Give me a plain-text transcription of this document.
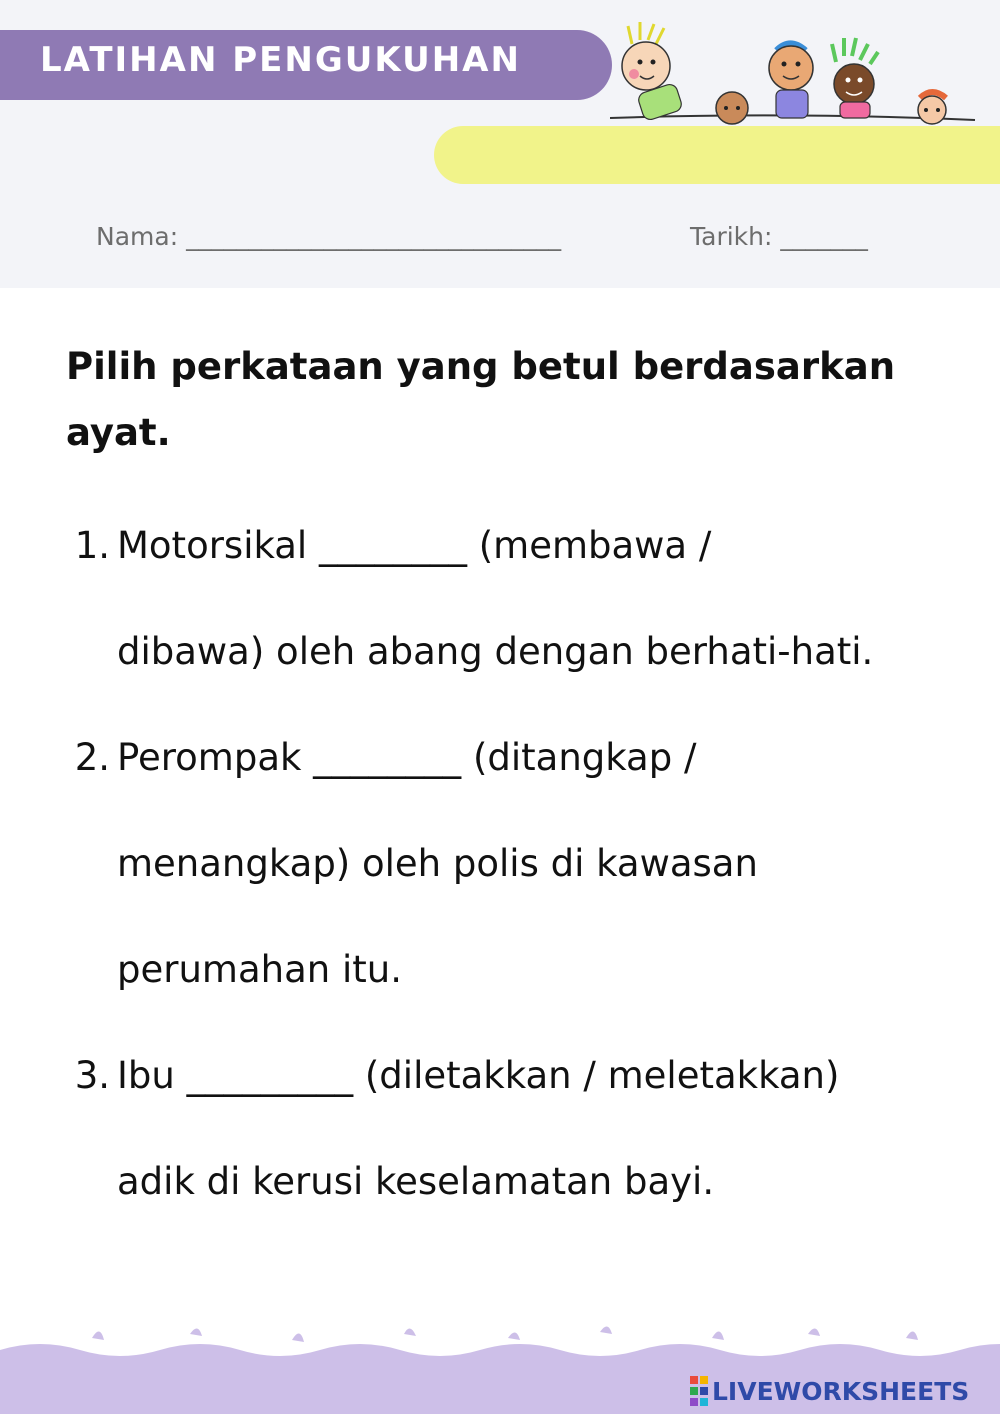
LATIHAN PENGUKUHAN
Nama: ______________________________	Tarikh: _______
Pilih perkataan yang betul berdasarkan
ayat.
1. Motorsikal ________ (membawa /
dibawa) oleh abang dengan berhati-hati.
2. Perompak ________ (ditangkap /
menangkap) oleh polis di kawasan
perumahan itu.
3. Ibu _________ (diletakkan / meletakkan)
adik di kerusi keselamatan bayi.
LIVEWORKSHEETS
